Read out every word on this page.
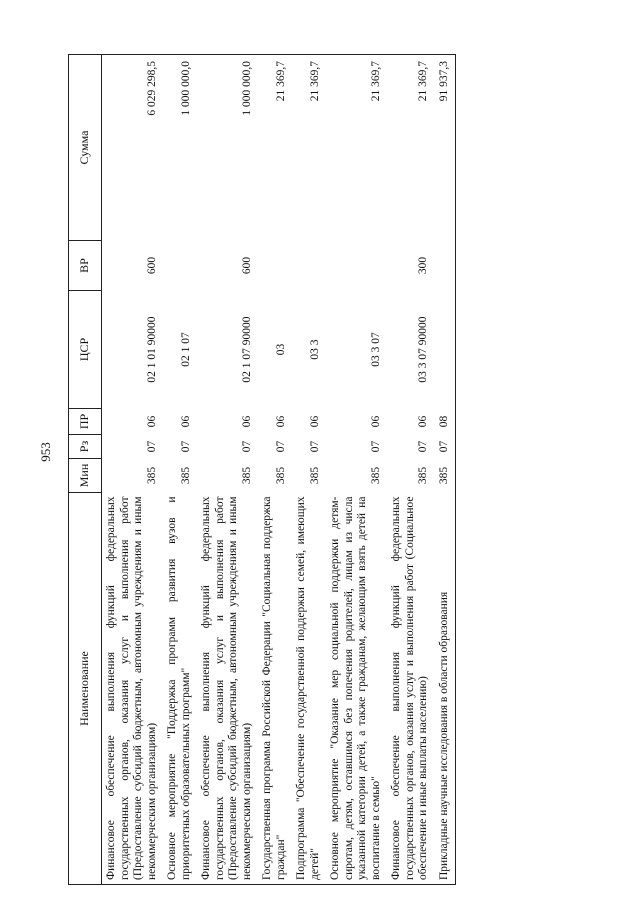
953
Наименование	Мин	Рз	ПР	ЦСР	ВР	Сумма
Финансовое обеспечение выполнения функций федеральных государственных органов, оказания услуг и выполнения работ (Предоставление субсидий бюджетным, автономным учреждениям и иным некоммерческим организациям)	385	07	06	02 1 01 90000	600	6 029 298,5
Основное мероприятие "Поддержка программ развития вузов и приоритетных образовательных программ"	385	07	06	02 1 07		1 000 000,0
Финансовое обеспечение выполнения функций федеральных государственных органов, оказания услуг и выполнения работ (Предоставление субсидий бюджетным, автономным учреждениям и иным некоммерческим организациям)	385	07	06	02 1 07 90000	600	1 000 000,0
Государственная программа Российской Федерации "Социальная поддержка граждан"	385	07	06	03		21 369,7
Подпрограмма "Обеспечение государственной поддержки семей, имеющих детей"	385	07	06	03 3		21 369,7
Основное мероприятие "Оказание мер социальной поддержки детям-сиротам, детям, оставшимся без попечения родителей, лицам из числа указанной категории детей, а также гражданам, желающим взять детей на воспитание в семью"	385	07	06	03 3 07		21 369,7
Финансовое обеспечение выполнения функций федеральных государственных органов, оказания услуг и выполнения работ (Социальное обеспечение и иные выплаты населению)	385	07	06	03 3 07 90000	300	21 369,7
Прикладные научные исследования в области образования	385	07	08			91 937,3
